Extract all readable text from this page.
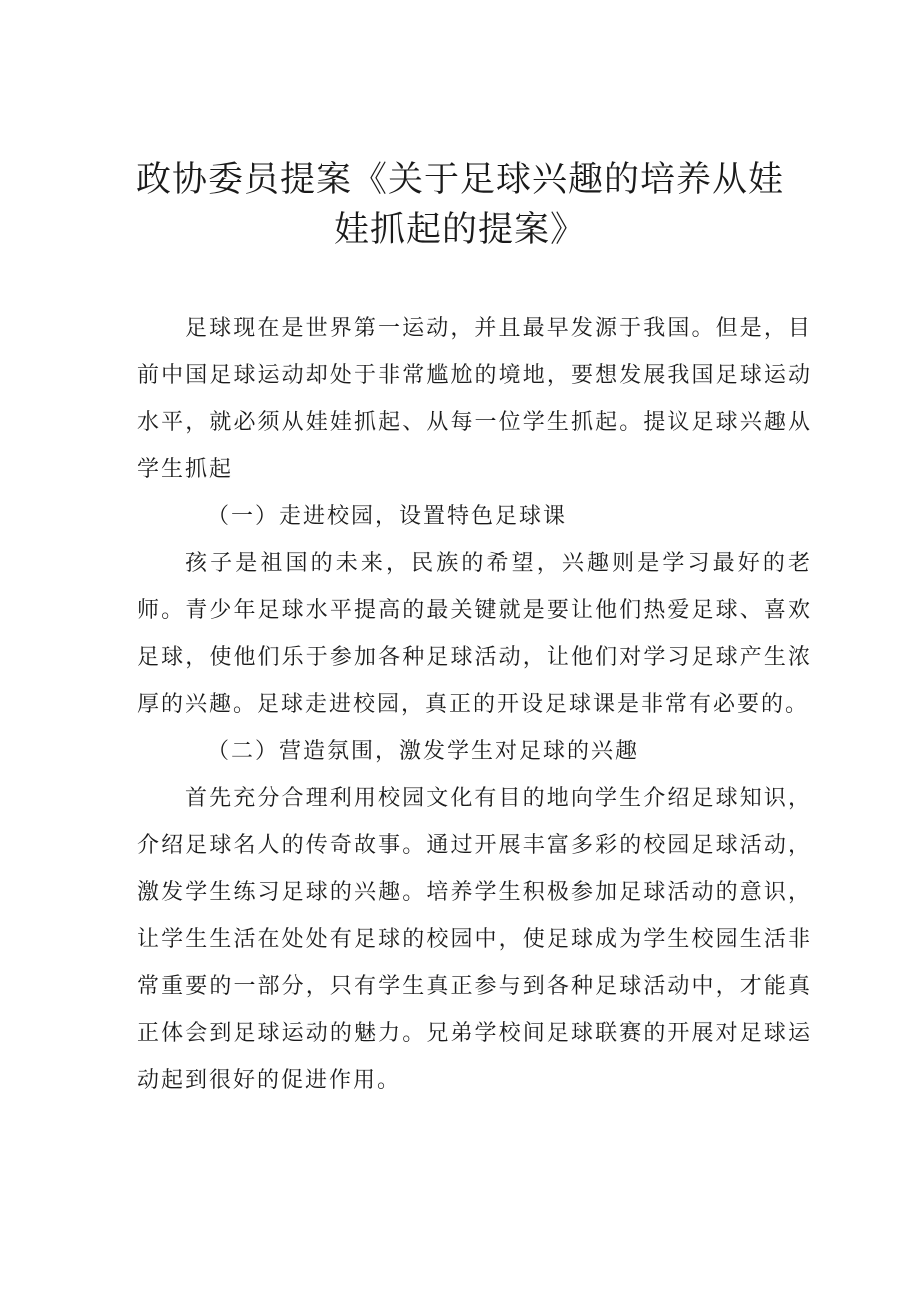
政协委员提案《关于足球兴趣的培养从娃
娃抓起的提案》

足球现在是世界第一运动，并且最早发源于我国。但是，目前中国足球运动却处于非常尴尬的境地，要想发展我国足球运动水平，就必须从娃娃抓起、从每一位学生抓起。提议足球兴趣从学生抓起

（一）走进校园，设置特色足球课

孩子是祖国的未来，民族的希望，兴趣则是学习最好的老师。青少年足球水平提高的最关键就是要让他们热爱足球、喜欢足球，使他们乐于参加各种足球活动，让他们对学习足球产生浓厚的兴趣。足球走进校园，真正的开设足球课是非常有必要的。

（二）营造氛围，激发学生对足球的兴趣

首先充分合理利用校园文化有目的地向学生介绍足球知识，介绍足球名人的传奇故事。通过开展丰富多彩的校园足球活动，激发学生练习足球的兴趣。培养学生积极参加足球活动的意识，让学生生活在处处有足球的校园中，使足球成为学生校园生活非常重要的一部分，只有学生真正参与到各种足球活动中，才能真正体会到足球运动的魅力。兄弟学校间足球联赛的开展对足球运动起到很好的促进作用。
